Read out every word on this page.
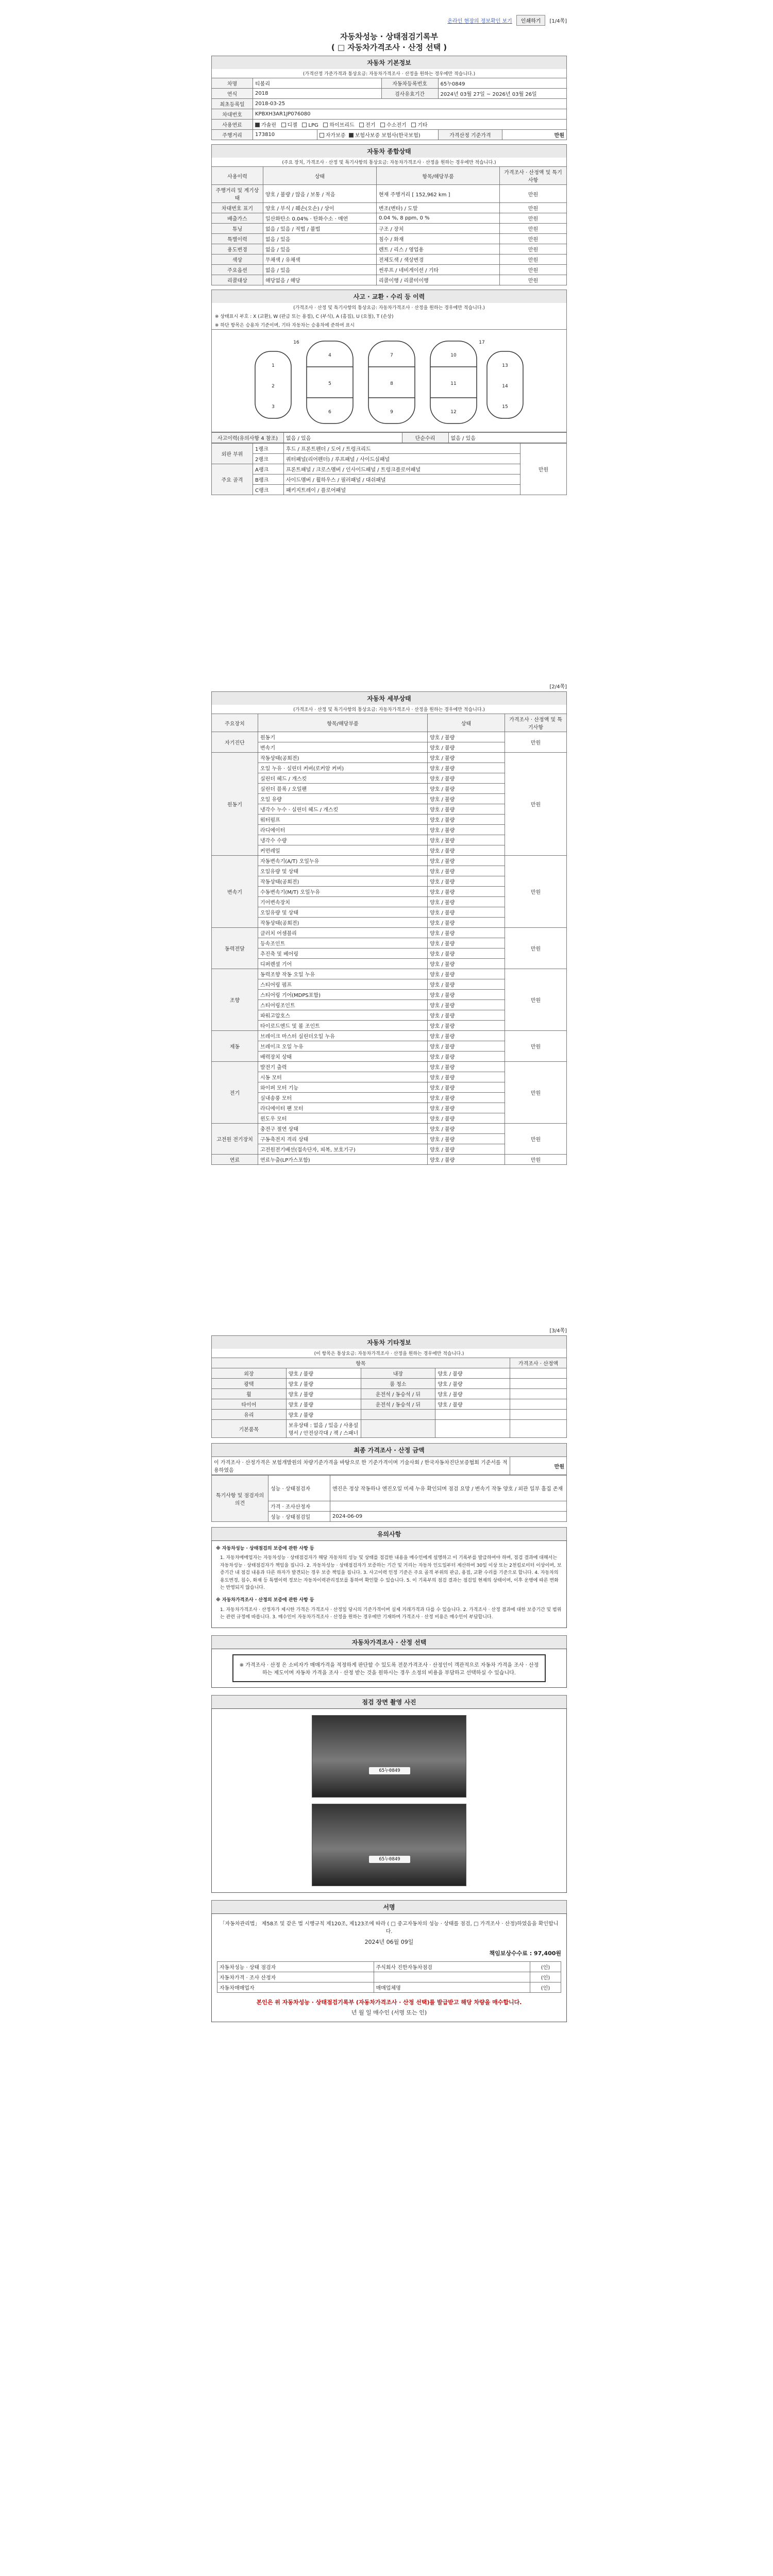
온라인 현장의 정보확인 보기	인쇄하기	[1/4쪽]
자동차성능 · 상태점검기록부
( □ 자동차가격조사 · 산정 선택 )
자동차 기본정보
(가격산정 가준가격과 통상요금: 자동차가격조사 · 산정을 원하는 경우에만 적습니다.)
차명	티볼리		자동차등록번호	65누0849	
연식	2018		검사유효기간	2024년 03월 27일 ~ 2026년 03월 26일	
최초등록일	2018-03-25				
차대번호	KPBXH3AR1JP076080				
사용연료	가솔린 디젤 LPG 하이브리드 전기 수소전기 기타				
주행거리	173810	자가보증 보험사보증 보험사(한국보험)		가격산정 기준가격	만원
자동차 종합상태
(주요 장치, 가격조사 · 산정 및 특기사항의 통상요금: 자동차가격조사 · 산정을 원하는 경우에만 적습니다.)
사용이력	상태	항목/해당부품	가격조사 · 산정액 및 특기사항
주행거리 및 계기상태	양호 / 불량 / 많음 / 보통 / 적음	현재 주행거리 [ 152,962 km ]	만원
차대번호 표기	양호 / 부식 / 훼손(오손) / 상이	변조(변타) / 도말	만원
배출가스	일산화탄소 0.04% · 탄화수소 · 매연	0.04 %, 8 ppm, 0 %	만원
튜닝	없음 / 있음 / 적법 / 불법	구조 / 장치	만원
특별이력	없음 / 있음	침수 / 화재	만원
용도변경	없음 / 있음	렌트 / 리스 / 영업용	만원
색상	무채색 / 유채색	전체도색 / 색상변경	만원
주요옵션	없음 / 있음	썬루프 / 네비게이션 / 기타	만원
리콜대상	해당없음 / 해당	리콜이행 / 리콜미이행	만원
사고 · 교환 · 수리 등 이력
(가격조사 · 산정 및 특기사항의 통상요금: 자동차가격조사 · 산정을 원하는 경우에만 적습니다.)
※ 상태표시 부호 : X (교환), W (판금 또는 용접), C (부식), A (흠집), U (요철), T (손상)
※ 하단 항목은 승용차 기준이며, 기타 자동차는 승용차에 준하여 표시
1
2
3
4
5
6
7
8
9
10
11
12
13
14
15
16	17
사고이력(유의사항 4 참조)	없음 / 있음	단순수리	없음 / 있음
외판 부위	1랭크	후드 / 프론트펜더 / 도어 / 트렁크리드	만원
	2랭크	쿼터패널(리어펜더) / 루프패널 / 사이드실패널	
주요 골격	A랭크	프론트패널 / 크로스멤버 / 인사이드패널 / 트렁크플로어패널	
	B랭크	사이드멤버 / 휠하우스 / 필러패널 / 대쉬패널	
	C랭크	패키지트레이 / 플로어패널	
[2/4쪽]
자동차 세부상태
(가격조사 · 산정 및 특기사항의 통상요금: 자동차가격조사 · 산정을 원하는 경우에만 적습니다.)
주요장치	항목/해당부품	상태	가격조사 · 산정액 및 특기사항
자기진단	원동기	양호 / 불량	만원
	변속기	양호 / 불량	
원동기	작동상태(공회전)	양호 / 불량	만원
	오일 누유 · 실린더 커버(로커암 커버)	양호 / 불량	
	실린더 헤드 / 개스킷	양호 / 불량	
	실린더 블록 / 오일팬	양호 / 불량	
	오일 유량	양호 / 불량	
	냉각수 누수 · 실린더 헤드 / 개스킷	양호 / 불량	
	워터펌프	양호 / 불량	
	라디에이터	양호 / 불량	
	냉각수 수량	양호 / 불량	
	커먼레일	양호 / 불량	
변속기	자동변속기(A/T) 오일누유	양호 / 불량	만원
	오일유량 및 상태	양호 / 불량	
	작동상태(공회전)	양호 / 불량	
	수동변속기(M/T) 오일누유	양호 / 불량	
	기어변속장치	양호 / 불량	
	오일유량 및 상태	양호 / 불량	
	작동상태(공회전)	양호 / 불량	
동력전달	클러치 어셈블리	양호 / 불량	만원
	등속조인트	양호 / 불량	
	추진축 및 베어링	양호 / 불량	
	디퍼렌셜 기어	양호 / 불량	
조향	동력조향 작동 오일 누유	양호 / 불량	만원
	스티어링 펌프	양호 / 불량	
	스티어링 기어(MDPS포함)	양호 / 불량	
	스티어링조인트	양호 / 불량	
	파워고압호스	양호 / 불량	
	타이로드엔드 및 볼 조인트	양호 / 불량	
제동	브레이크 마스터 실린더오일 누유	양호 / 불량	만원
	브레이크 오일 누유	양호 / 불량	
	배력장치 상태	양호 / 불량	
전기	발전기 출력	양호 / 불량	만원
	시동 모터	양호 / 불량	
	와이퍼 모터 기능	양호 / 불량	
	실내송풍 모터	양호 / 불량	
	라디에이터 팬 모터	양호 / 불량	
	윈도우 모터	양호 / 불량	
고전원 전기장치	충전구 절연 상태	양호 / 불량	만원
	구동축전지 격리 상태	양호 / 불량	
	고전원전기배선(접속단자, 피복, 보호기구)	양호 / 불량	
연료	연료누출(LP가스포함)	양호 / 불량	만원
[3/4쪽]
자동차 기타정보
(이 항목은 통상요금: 자동차가격조사 · 산정을 원하는 경우에만 적습니다.)
항목				가격조사 · 산정액
외장	양호 / 불량	내장	양호 / 불량	
광택	양호 / 불량	룸 청소	양호 / 불량	
휠	양호 / 불량	운전석 / 동승석 / 뒤	양호 / 불량	
타이어	양호 / 불량	운전석 / 동승석 / 뒤	양호 / 불량	
유리	양호 / 불량			
기본품목	보유상태 : 없음 / 있음 / 사용설명서 / 안전삼각대 / 잭 / 스패너			
최종 가격조사 · 산정 금액
이 가격조사 · 산정가격은 보험개발원의 차량기준가격을 바탕으로 한 기준가격이며 기술사회 / 한국자동차진단보증협회 기준서를 적용하였음	만원
특기사항 및 점검자의 의견	성능 · 상태점검자	엔진은 정상 작동하나 엔진오일 미세 누유 확인되며 점검 요망 / 변속기 작동 양호 / 외관 일부 흠집 존재
	가격 · 조사산정자	
	성능 · 상태점검일	2024-06-09
유의사항
※ 자동차성능 · 상태점검의 보증에 관한 사항 등
1. 자동차매매업자는 자동차성능 · 상태점검자가 해당 자동차의 성능 및 상태를 점검한 내용을 매수인에게 설명하고 이 기록부를 발급하여야 하며, 점검 결과에 대해서는 자동차성능 · 상태점검자가 책임을 집니다. 2. 자동차성능 · 상태점검자가 보증하는 기간 및 거리는 자동차 인도일부터 계산하여 30일 이상 또는 2천킬로미터 이상이며, 보증기간 내 점검 내용과 다른 하자가 발견되는 경우 보증 책임을 집니다. 3. 사고이력 인정 기준은 주요 골격 부위의 판금, 용접, 교환 수리를 기준으로 합니다. 4. 자동차의 용도변경, 침수, 화재 등 특별이력 정보는 자동차이력관리정보를 통하여 확인할 수 있습니다. 5. 이 기록부의 점검 결과는 점검일 현재의 상태이며, 이후 운행에 따른 변화는 반영되지 않습니다.
※ 자동차가격조사 · 산정의 보증에 관한 사항 등
1. 자동차가격조사 · 산정자가 제시한 가격은 가격조사 · 산정일 당시의 기준가격이며 실제 거래가격과 다를 수 있습니다. 2. 가격조사 · 산정 결과에 대한 보증기간 및 범위는 관련 규정에 따릅니다. 3. 매수인이 자동차가격조사 · 산정을 원하는 경우에만 기재하며 가격조사 · 산정 비용은 매수인이 부담합니다.
자동차가격조사 · 산정 선택
※ 가격조사 · 산정 은 소비자가 매매가격을 적정하게 판단할 수 있도록 전문가격조사 · 산정인이 객관적으로 자동차 가격을 조사 · 산정하는 제도이며 자동차 가격을 조사 · 산정 받는 것을 원하시는 경우 소정의 비용을 부담하고 선택하실 수 있습니다.
점검 장면 촬영 사진
65누0849
65누0849
서명
「자동차관리법」 제58조 및 같은 법 시행규칙 제120조, 제123조에 따라 ( □ 중고자동차의 성능 · 상태를 점검, □ 가격조사 · 산정)하였음을 확인합니다.
2024년 06월 09일
책임보상수수료 : 97,400원
자동차성능 · 상태 점검자	주식회사 진한자동차점검	(인)
자동차가격 · 조사 산정자		(인)
자동차매매업자	매매업체명	(인)
본인은 위 자동차성능 · 상태점검기록부 (자동차가격조사 · 산정 선택)를 발급받고 해당 차량을 매수합니다.
년 월 일 매수인 (서명 또는 인)
